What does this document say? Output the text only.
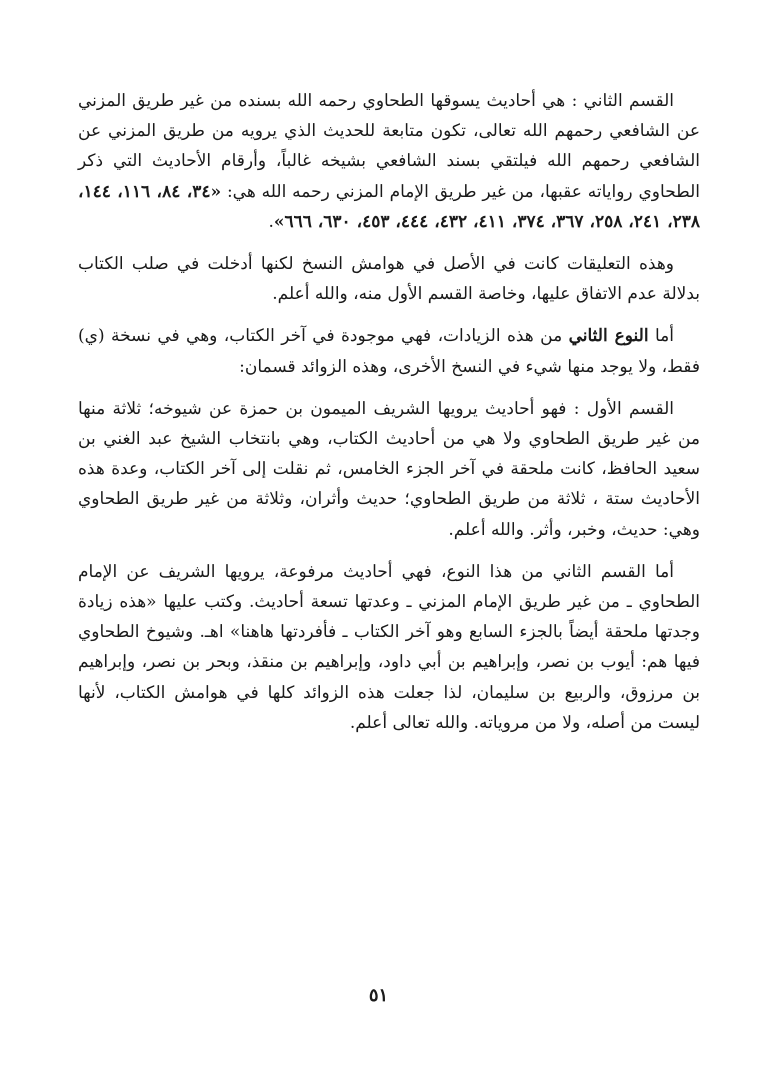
القسم الثاني : هي أحاديث يسوقها الطحاوي رحمه الله بسنده من غير طريق المزني عن الشافعي رحمهم الله تعالى، تكون متابعة للحديث الذي يرويه من طريق المزني عن الشافعي رحمهم الله فيلتقي بسند الشافعي بشيخه غالباً، وأرقام الأحاديث التي ذكر الطحاوي رواياته عقبها، من غير طريق الإمام المزني رحمه الله هي: «٣٤، ٨٤، ١١٦، ١٤٤، ٢٣٨، ٢٤١، ٢٥٨، ٣٦٧، ٣٧٤، ٤١١، ٤٣٢، ٤٤٤، ٤٥٣، ٦٣٠، ٦٦٦».

وهذه التعليقات كانت في الأصل في هوامش النسخ لكنها أدخلت في صلب الكتاب بدلالة عدم الاتفاق عليها، وخاصة القسم الأول منه، والله أعلم.

أما النوع الثاني من هذه الزيادات، فهي موجودة في آخر الكتاب، وهي في نسخة (ي) فقط، ولا يوجد منها شيء في النسخ الأخرى، وهذه الزوائد قسمان:

القسم الأول : فهو أحاديث يرويها الشريف الميمون بن حمزة عن شيوخه؛ ثلاثة منها من غير طريق الطحاوي ولا هي من أحاديث الكتاب، وهي بانتخاب الشيخ عبد الغني بن سعيد الحافظ، كانت ملحقة في آخر الجزء الخامس، ثم نقلت إلى آخر الكتاب، وعدة هذه الأحاديث ستة ، ثلاثة من طريق الطحاوي؛ حديث وأثران، وثلاثة من غير طريق الطحاوي وهي: حديث، وخبر، وأثر. والله أعلم.

أما القسم الثاني من هذا النوع، فهي أحاديث مرفوعة، يرويها الشريف عن الإمام الطحاوي ـ من غير طريق الإمام المزني ـ وعدتها تسعة أحاديث. وكتب عليها «هذه زيادة وجدتها ملحقة أيضاً بالجزء السابع وهو آخر الكتاب ـ فأفردتها هاهنا» اهـ. وشيوخ الطحاوي فيها هم: أيوب بن نصر، وإبراهيم بن أبي داود، وإبراهيم بن منقذ، وبحر بن نصر، وإبراهيم بن مرزوق، والربيع بن سليمان، لذا جعلت هذه الزوائد كلها في هوامش الكتاب، لأنها ليست من أصله، ولا من مروياته. والله تعالى أعلم.

٥١
